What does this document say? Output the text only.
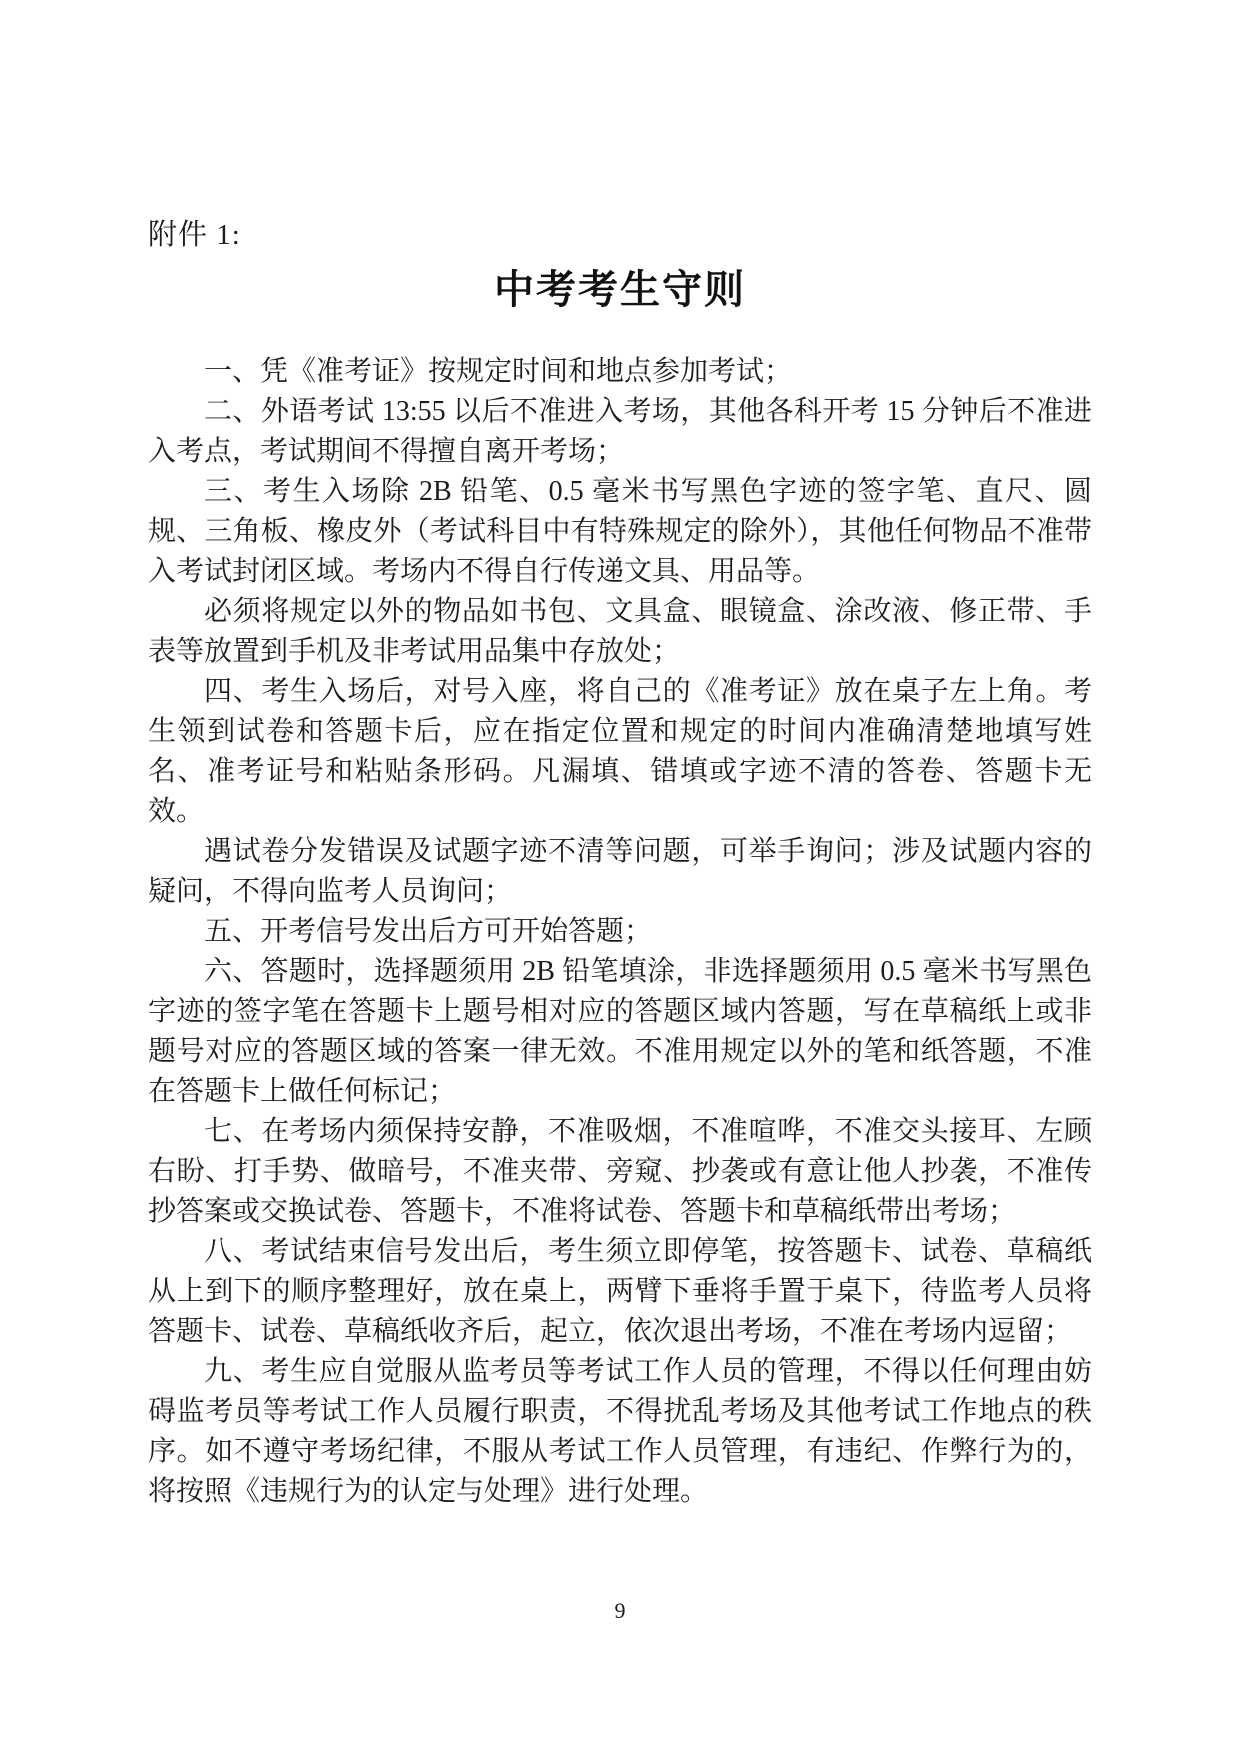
附件 1:
中考考生守则

一、凭《准考证》按规定时间和地点参加考试；

二、外语考试 13:55 以后不准进入考场，其他各科开考 15 分钟后不准进入考点，考试期间不得擅自离开考场；

三、考生入场除 2B 铅笔、0.5 毫米书写黑色字迹的签字笔、直尺、圆规、三角板、橡皮外（考试科目中有特殊规定的除外），其他任何物品不准带入考试封闭区域。考场内不得自行传递文具、用品等。

必须将规定以外的物品如书包、文具盒、眼镜盒、涂改液、修正带、手表等放置到手机及非考试用品集中存放处；

四、考生入场后，对号入座，将自己的《准考证》放在桌子左上角。考生领到试卷和答题卡后，应在指定位置和规定的时间内准确清楚地填写姓名、准考证号和粘贴条形码。凡漏填、错填或字迹不清的答卷、答题卡无效。

遇试卷分发错误及试题字迹不清等问题，可举手询问；涉及试题内容的疑问，不得向监考人员询问；

五、开考信号发出后方可开始答题；

六、答题时，选择题须用 2B 铅笔填涂，非选择题须用 0.5 毫米书写黑色字迹的签字笔在答题卡上题号相对应的答题区域内答题，写在草稿纸上或非题号对应的答题区域的答案一律无效。不准用规定以外的笔和纸答题，不准在答题卡上做任何标记；

七、在考场内须保持安静，不准吸烟，不准喧哗，不准交头接耳、左顾右盼、打手势、做暗号，不准夹带、旁窥、抄袭或有意让他人抄袭，不准传抄答案或交换试卷、答题卡，不准将试卷、答题卡和草稿纸带出考场；

八、考试结束信号发出后，考生须立即停笔，按答题卡、试卷、草稿纸从上到下的顺序整理好，放在桌上，两臂下垂将手置于桌下，待监考人员将答题卡、试卷、草稿纸收齐后，起立，依次退出考场，不准在考场内逗留；

九、考生应自觉服从监考员等考试工作人员的管理，不得以任何理由妨碍监考员等考试工作人员履行职责，不得扰乱考场及其他考试工作地点的秩序。如不遵守考场纪律，不服从考试工作人员管理，有违纪、作弊行为的，将按照《违规行为的认定与处理》进行处理。

9
